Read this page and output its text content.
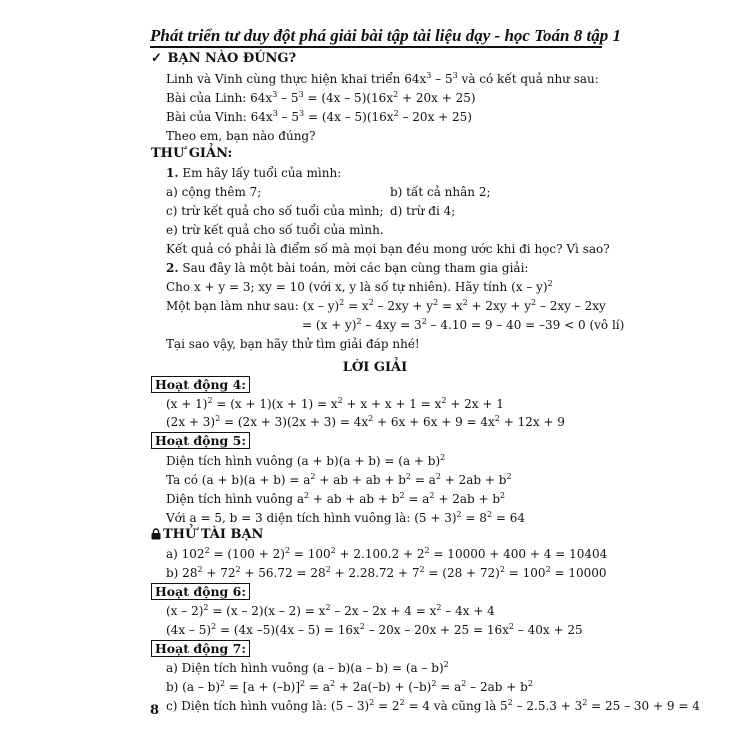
Phát triển tư duy đột phá giải bài tập tài liệu dạy - học Toán 8 tập 1
✓ BẠN NÀO ĐÚNG?
Linh và Vinh cùng thực hiện khai triển $64x^3 - 5^3$ và có kết quả như sau:
Bài của Linh: $64x^3 - 5^3 = (4x - 5)(16x^2 + 20x + 25)$
Bài của Vinh: $64x^3 - 5^3 = (4x - 5)(16x^2 - 20x + 25)$
Theo em, bạn nào đúng?
THƯ GIẢN:
1. Em hãy lấy tuổi của mình:
a) cộng thêm 7;	b) tất cả nhân 2;
c) trừ kết quả cho số tuổi của mình; d) trừ đi 4;
e) trừ kết quả cho số tuổi của mình.
Kết quả có phải là điểm số mà mọi bạn đều mong ước khi đi học? Vì sao?
2. Sau đây là một bài toán, mời các bạn cùng tham gia giải:
Cho x + y = 3; xy = 10 (với x, y là số tự nhiên). Hãy tính (x – y)$^2$
Một bạn làm như sau: $(x - y)^2 = x^2 - 2xy + y^2 = x^2 + 2xy + y^2 - 2xy - 2xy$
= $(x + y)^2 - 4xy = 3^2 - 4.10 = 9 - 40 = -39 < 0$ (vô lí)
Tại sao vậy, bạn hãy thử tìm giải đáp nhé!
LỜI GIẢI
Hoạt động 4:
$(x + 1)^2 = (x + 1)(x + 1) = x^2 + x + x + 1 = x^2 + 2x + 1$
$(2x + 3)^2 = (2x + 3)(2x + 3) = 4x^2 + 6x + 6x + 9 = 4x^2 + 12x + 9$
Hoạt động 5:
Diện tích hình vuông $(a + b)(a + b) = (a + b)^2$
Ta có $(a + b)(a + b) = a^2$ + ab + ab + $b^2 = a^2 + 2ab + b^2$
Diện tích hình vuông $a^2$ + ab + ab + $b^2 = a^2 + 2ab + b^2$
Với a = 5, b = 3 diện tích hình vuông là: $(5 + 3)^2 = 8^2 = 64$
THỬ TÀI BẠN
a) $102^2 = (100 + 2)^2 = 100^2 + 2.100.2 + 2^2 = 10000 + 400 + 4 = 10404$
b) $28^2 + 72^2 + 56.72 = 28^2 + 2.28.72 + 7^2 = (28 + 72)^2 = 100^2 = 10000$
Hoạt động 6:
$(x - 2)^2 = (x - 2)(x - 2) = x^2 - 2x - 2x + 4 = x^2 - 4x + 4$
(4x – 5)$^2$ = (4x $-5)(4x - 5) = 16x^2 - 20x - 20x + 25 = 16x^2 - 40x + 25$
Hoạt động 7:
a) Diện tích hình vuông (a – b)(a – b) = (a – b)$^2$
b) $(a - b)^2 = [a + (-b)]^2 = a^2 + 2a(-b) + (-b)^2 = a^2 - 2ab + b^2$
c) Diện tích hình vuông là: $(5 - 3)^2 = 2^2 = 4$ và cũng là $5^2 - 2.5.3 + 3^2 = 25 - 30 + 9 = 4$
8
